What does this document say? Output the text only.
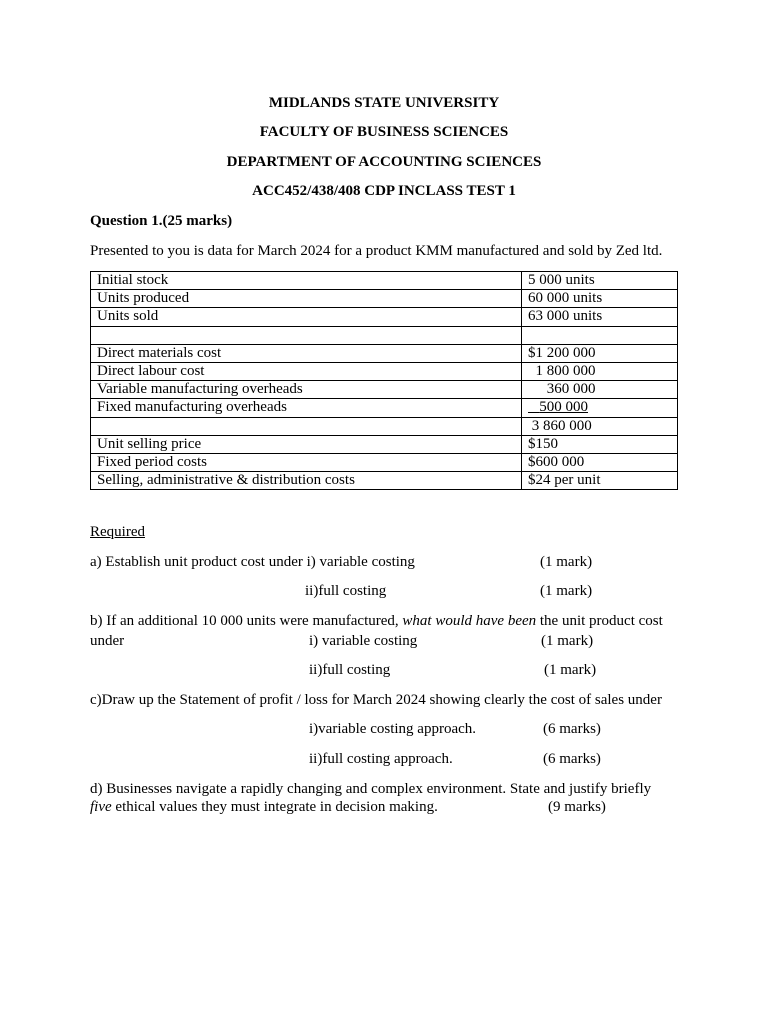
MIDLANDS STATE UNIVERSITY
FACULTY OF BUSINESS SCIENCES
DEPARTMENT OF ACCOUNTING SCIENCES
ACC452/438/408 CDP INCLASS TEST 1
Question 1.(25 marks)
Presented to you is data for March 2024 for a product KMM manufactured and sold by Zed ltd.
Initial stock	5 000 units
Units produced	60 000 units
Units sold	63 000 units

Direct materials cost	$1 200 000
Direct labour cost	1 800 000
Variable manufacturing overheads	360 000
Fixed manufacturing overheads	500 000
	3 860 000
Unit selling price	$150
Fixed period costs	$600 000
Selling, administrative & distribution costs	$24 per unit
Required
a) Establish unit product cost under i) variable costing	(1 mark)
ii)full costing	(1 mark)
b) If an additional 10 000 units were manufactured, what would have been the unit product cost
under	i) variable costing	(1 mark)
ii)full costing	(1 mark)
c)Draw up the Statement of profit / loss for March 2024 showing clearly the cost of sales under
i)variable costing approach.	(6 marks)
ii)full costing approach.	(6 marks)
d) Businesses navigate a rapidly changing and complex environment. State and justify briefly
five ethical values they must integrate in decision making.	(9 marks)
